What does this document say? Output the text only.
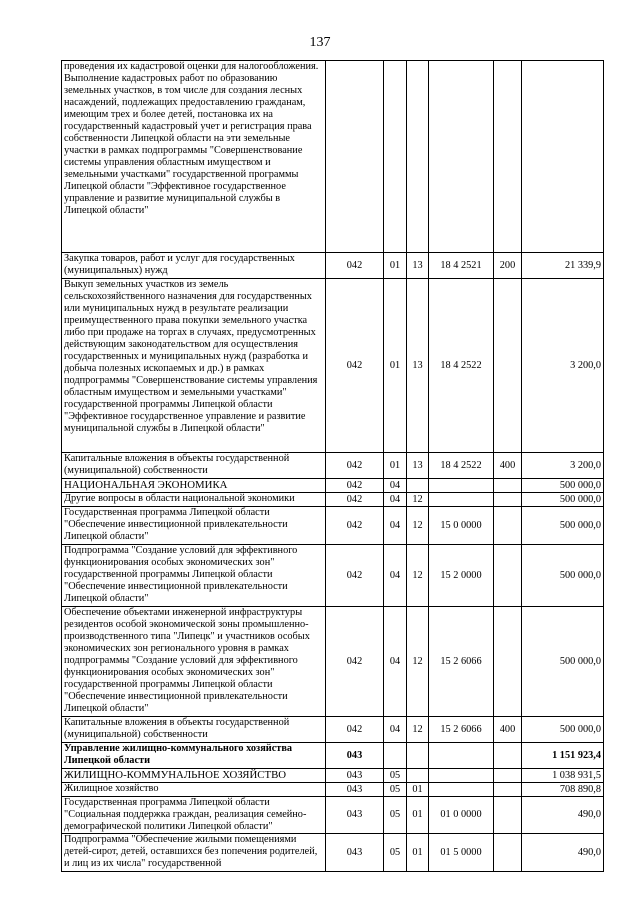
137
проведения их кадастровой оценки для налогообложения. Выполнение кадастровых работ по образованию земельных участков, в том числе для создания лесных насаждений, подлежащих предоставлению гражданам, имеющим трех и более детей, постановка их на государственный кадастровый учет и регистрация права собственности Липецкой области на эти земельные участки в рамках подпрограммы "Совершенствование системы управления областным имуществом и земельными участками" государственной программы Липецкой области "Эффективное государственное управление и развитие муниципальной службы в Липецкой области"						
Закупка товаров, работ и услуг для государственных (муниципальных) нужд	042	01	13	18 4 2521	200	21 339,9
Выкуп земельных участков из земель сельскохозяйственного назначения для государственных или муниципальных нужд в результате реализации преимущественного права покупки земельного участка либо при продаже на торгах в случаях, предусмотренных действующим законодательством для осуществления государственных и муниципальных нужд (разработка и добыча полезных ископаемых и др.) в рамках подпрограммы "Совершенствование системы управления областным имуществом и земельными участками" государственной программы Липецкой области "Эффективное государственное управление и развитие муниципальной службы в Липецкой области"	042	01	13	18 4 2522		3 200,0
Капитальные вложения в объекты государственной (муниципальной) собственности	042	01	13	18 4 2522	400	3 200,0
НАЦИОНАЛЬНАЯ ЭКОНОМИКА	042	04				500 000,0
Другие вопросы в области национальной экономики	042	04	12			500 000,0
Государственная программа Липецкой области "Обеспечение инвестиционной привлекательности Липецкой области"	042	04	12	15 0 0000		500 000,0
Подпрограмма "Создание условий для эффективного функционирования особых экономических зон" государственной программы Липецкой области "Обеспечение инвестиционной привлекательности Липецкой области"	042	04	12	15 2 0000		500 000,0
Обеспечение объектами инженерной инфраструктуры резидентов особой экономической зоны промышленно-производственного типа "Липецк" и участников особых экономических зон регионального уровня в рамках подпрограммы "Создание условий для эффективного функционирования особых экономических зон" государственной программы Липецкой области "Обеспечение инвестиционной привлекательности Липецкой области"	042	04	12	15 2 6066		500 000,0
Капитальные вложения в объекты государственной (муниципальной) собственности	042	04	12	15 2 6066	400	500 000,0
Управление жилищно-коммунального хозяйства Липецкой области	043					1 151 923,4
ЖИЛИЩНО-КОММУНАЛЬНОЕ ХОЗЯЙСТВО	043	05				1 038 931,5
Жилищное хозяйство	043	05	01			708 890,8
Государственная программа Липецкой области "Социальная поддержка граждан, реализация семейно-демографической политики Липецкой области"	043	05	01	01 0 0000		490,0
Подпрограмма "Обеспечение жилыми помещениями детей-сирот, детей, оставшихся без попечения родителей, и лиц из их числа" государственной	043	05	01	01 5 0000		490,0
